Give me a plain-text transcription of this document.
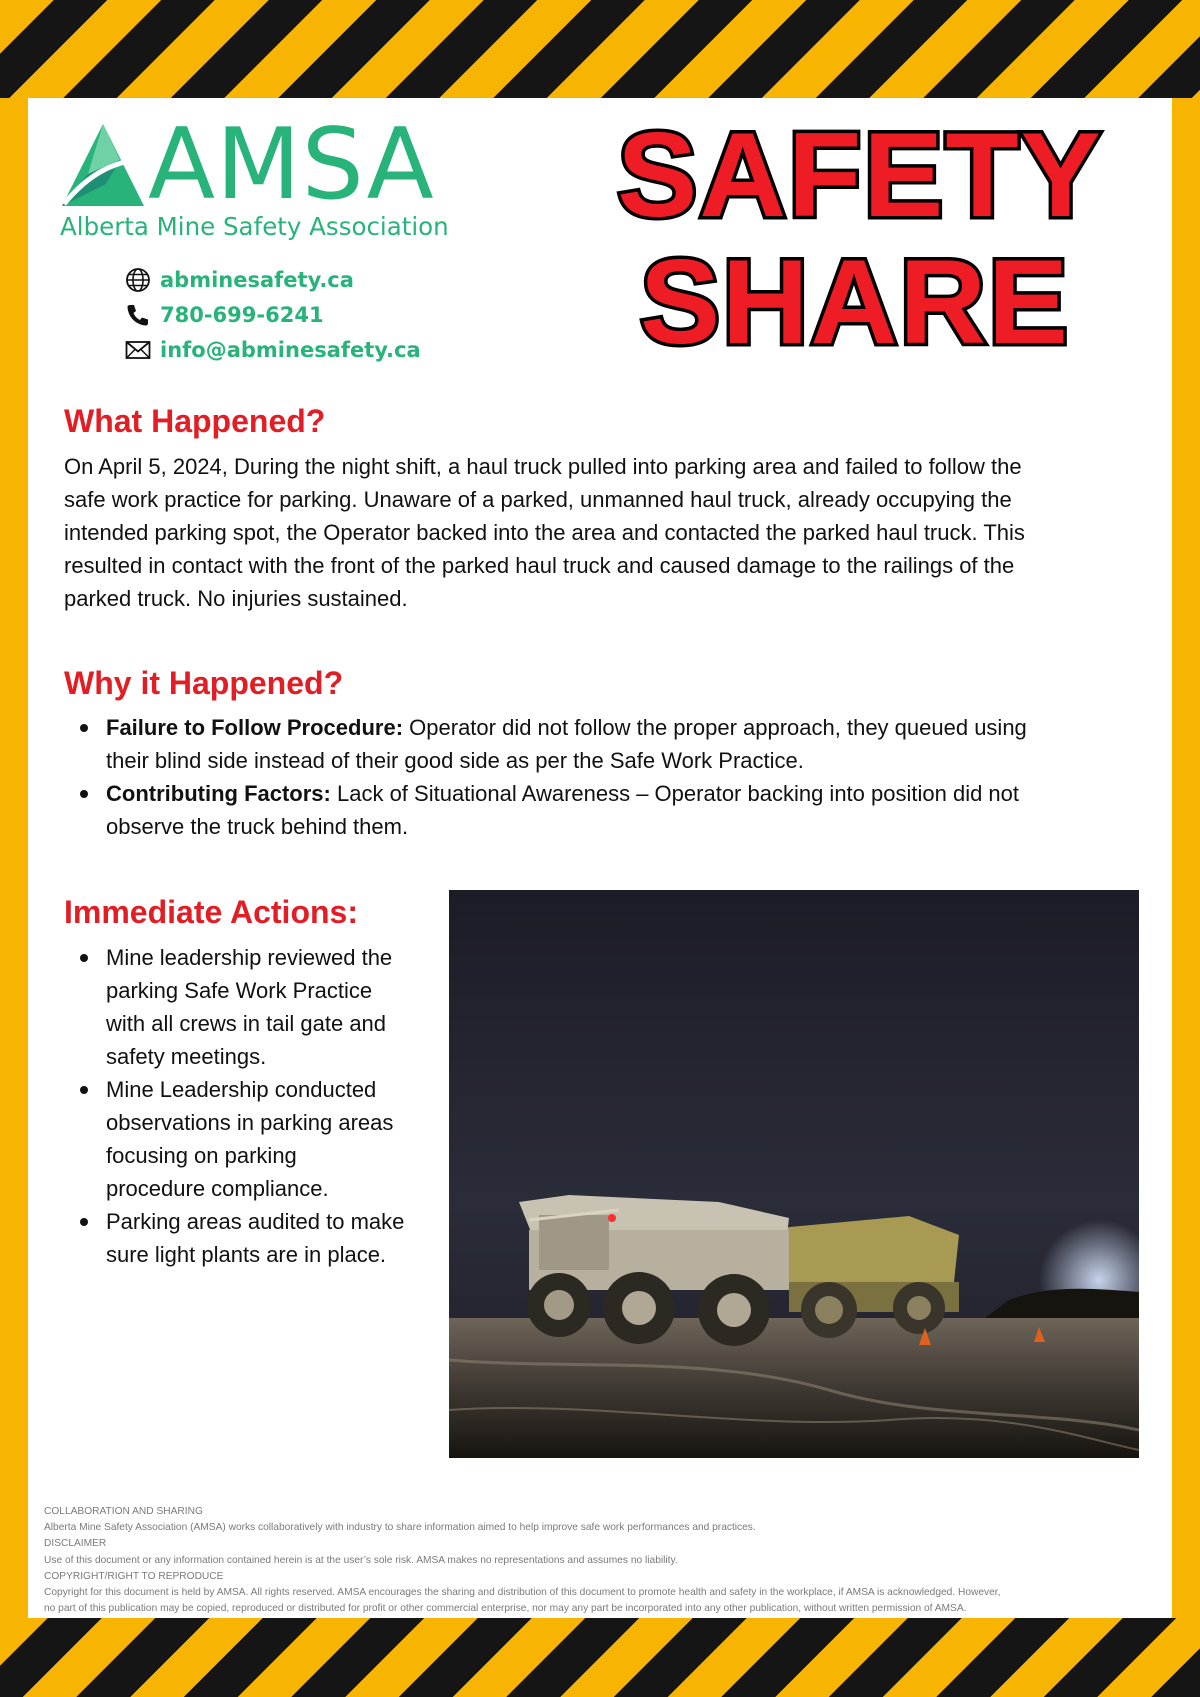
AMSA
Alberta Mine Safety Association
abminesafety.ca
780-699-6241
info@abminesafety.ca
SAFETY
SHARE
What Happened?
On April 5, 2024, During the night shift, a haul truck pulled into parking area and failed to follow the
safe work practice for parking. Unaware of a parked, unmanned haul truck, already occupying the
intended parking spot, the Operator backed into the area and contacted the parked haul truck. This
resulted in contact with the front of the parked haul truck and caused damage to the railings of the
parked truck. No injuries sustained.
Why it Happened?
Failure to Follow Procedure: Operator did not follow the proper approach, they queued using
their blind side instead of their good side as per the Safe Work Practice.
Contributing Factors: Lack of Situational Awareness – Operator backing into position did not
observe the truck behind them.
Immediate Actions:
Mine leadership reviewed the
parking Safe Work Practice
with all crews in tail gate and
safety meetings.
Mine Leadership conducted
observations in parking areas
focusing on parking
procedure compliance.
Parking areas audited to make
sure light plants are in place.
COLLABORATION AND SHARING
Alberta Mine Safety Association (AMSA) works collaboratively with industry to share information aimed to help improve safe work performances and practices.
DISCLAIMER
Use of this document or any information contained herein is at the user’s sole risk. AMSA makes no representations and assumes no liability.
COPYRIGHT/RIGHT TO REPRODUCE
Copyright for this document is held by AMSA. All rights reserved. AMSA encourages the sharing and distribution of this document to promote health and safety in the workplace, if AMSA is acknowledged. However,
no part of this publication may be copied, reproduced or distributed for profit or other commercial enterprise, nor may any part be incorporated into any other publication, without written permission of AMSA.
